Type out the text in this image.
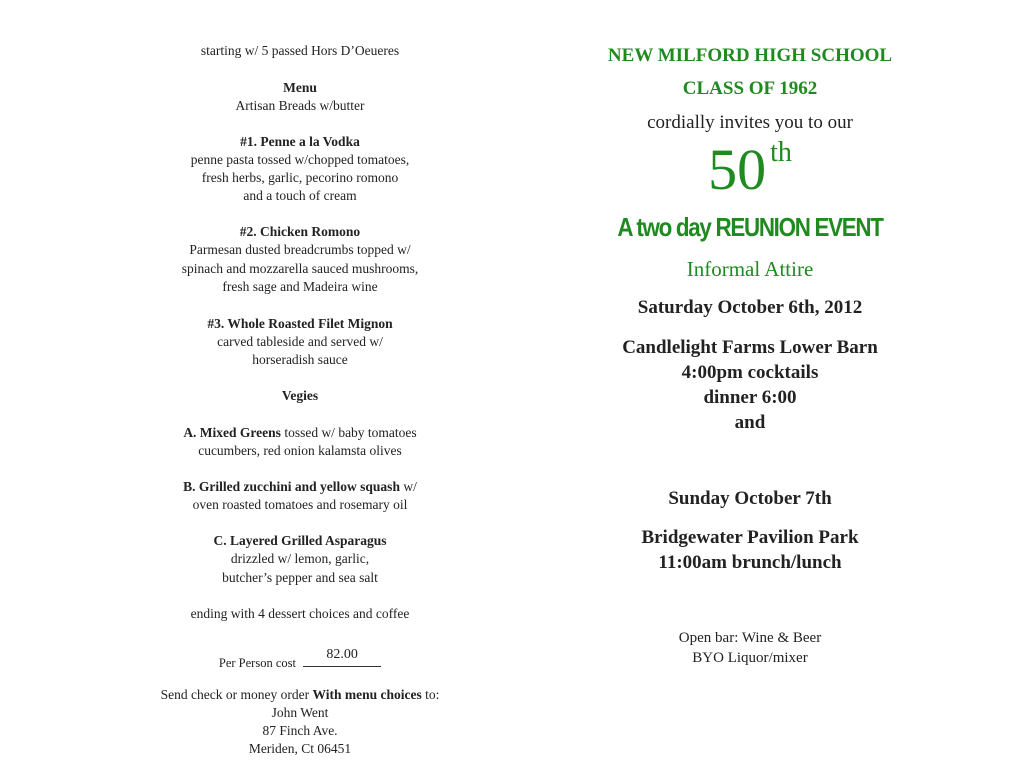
starting w/ 5 passed Hors D’Oeueres
Menu
Artisan Breads w/butter
#1. Penne a la Vodka
penne pasta tossed w/chopped tomatoes,
fresh herbs, garlic, pecorino romono
and a touch of cream
#2. Chicken Romono
Parmesan dusted breadcrumbs topped w/
spinach and mozzarella sauced mushrooms,
fresh sage and Madeira wine
#3. Whole Roasted Filet Mignon
carved tableside and served w/
horseradish sauce
Vegies
A. Mixed Greens tossed w/ baby tomatoes
cucumbers, red onion kalamsta olives
B. Grilled zucchini and yellow squash w/
oven roasted tomatoes and rosemary oil
C. Layered Grilled Asparagus
drizzled w/ lemon, garlic,
butcher’s pepper and sea salt
ending with 4 dessert choices and coffee
Per Person cost
82.00
Send check or money order With menu choices to:
John Went
87 Finch Ave.
Meriden, Ct 06451
NEW MILFORD HIGH SCHOOL
CLASS OF 1962
cordially invites you to our
50 th
A two day REUNION EVENT
Informal Attire
Saturday October 6th, 2012
Candlelight Farms Lower Barn
4:00pm cocktails
dinner 6:00
and
Sunday October 7th
Bridgewater Pavilion Park
11:00am brunch/lunch
Open bar: Wine & Beer
BYO Liquor/mixer
